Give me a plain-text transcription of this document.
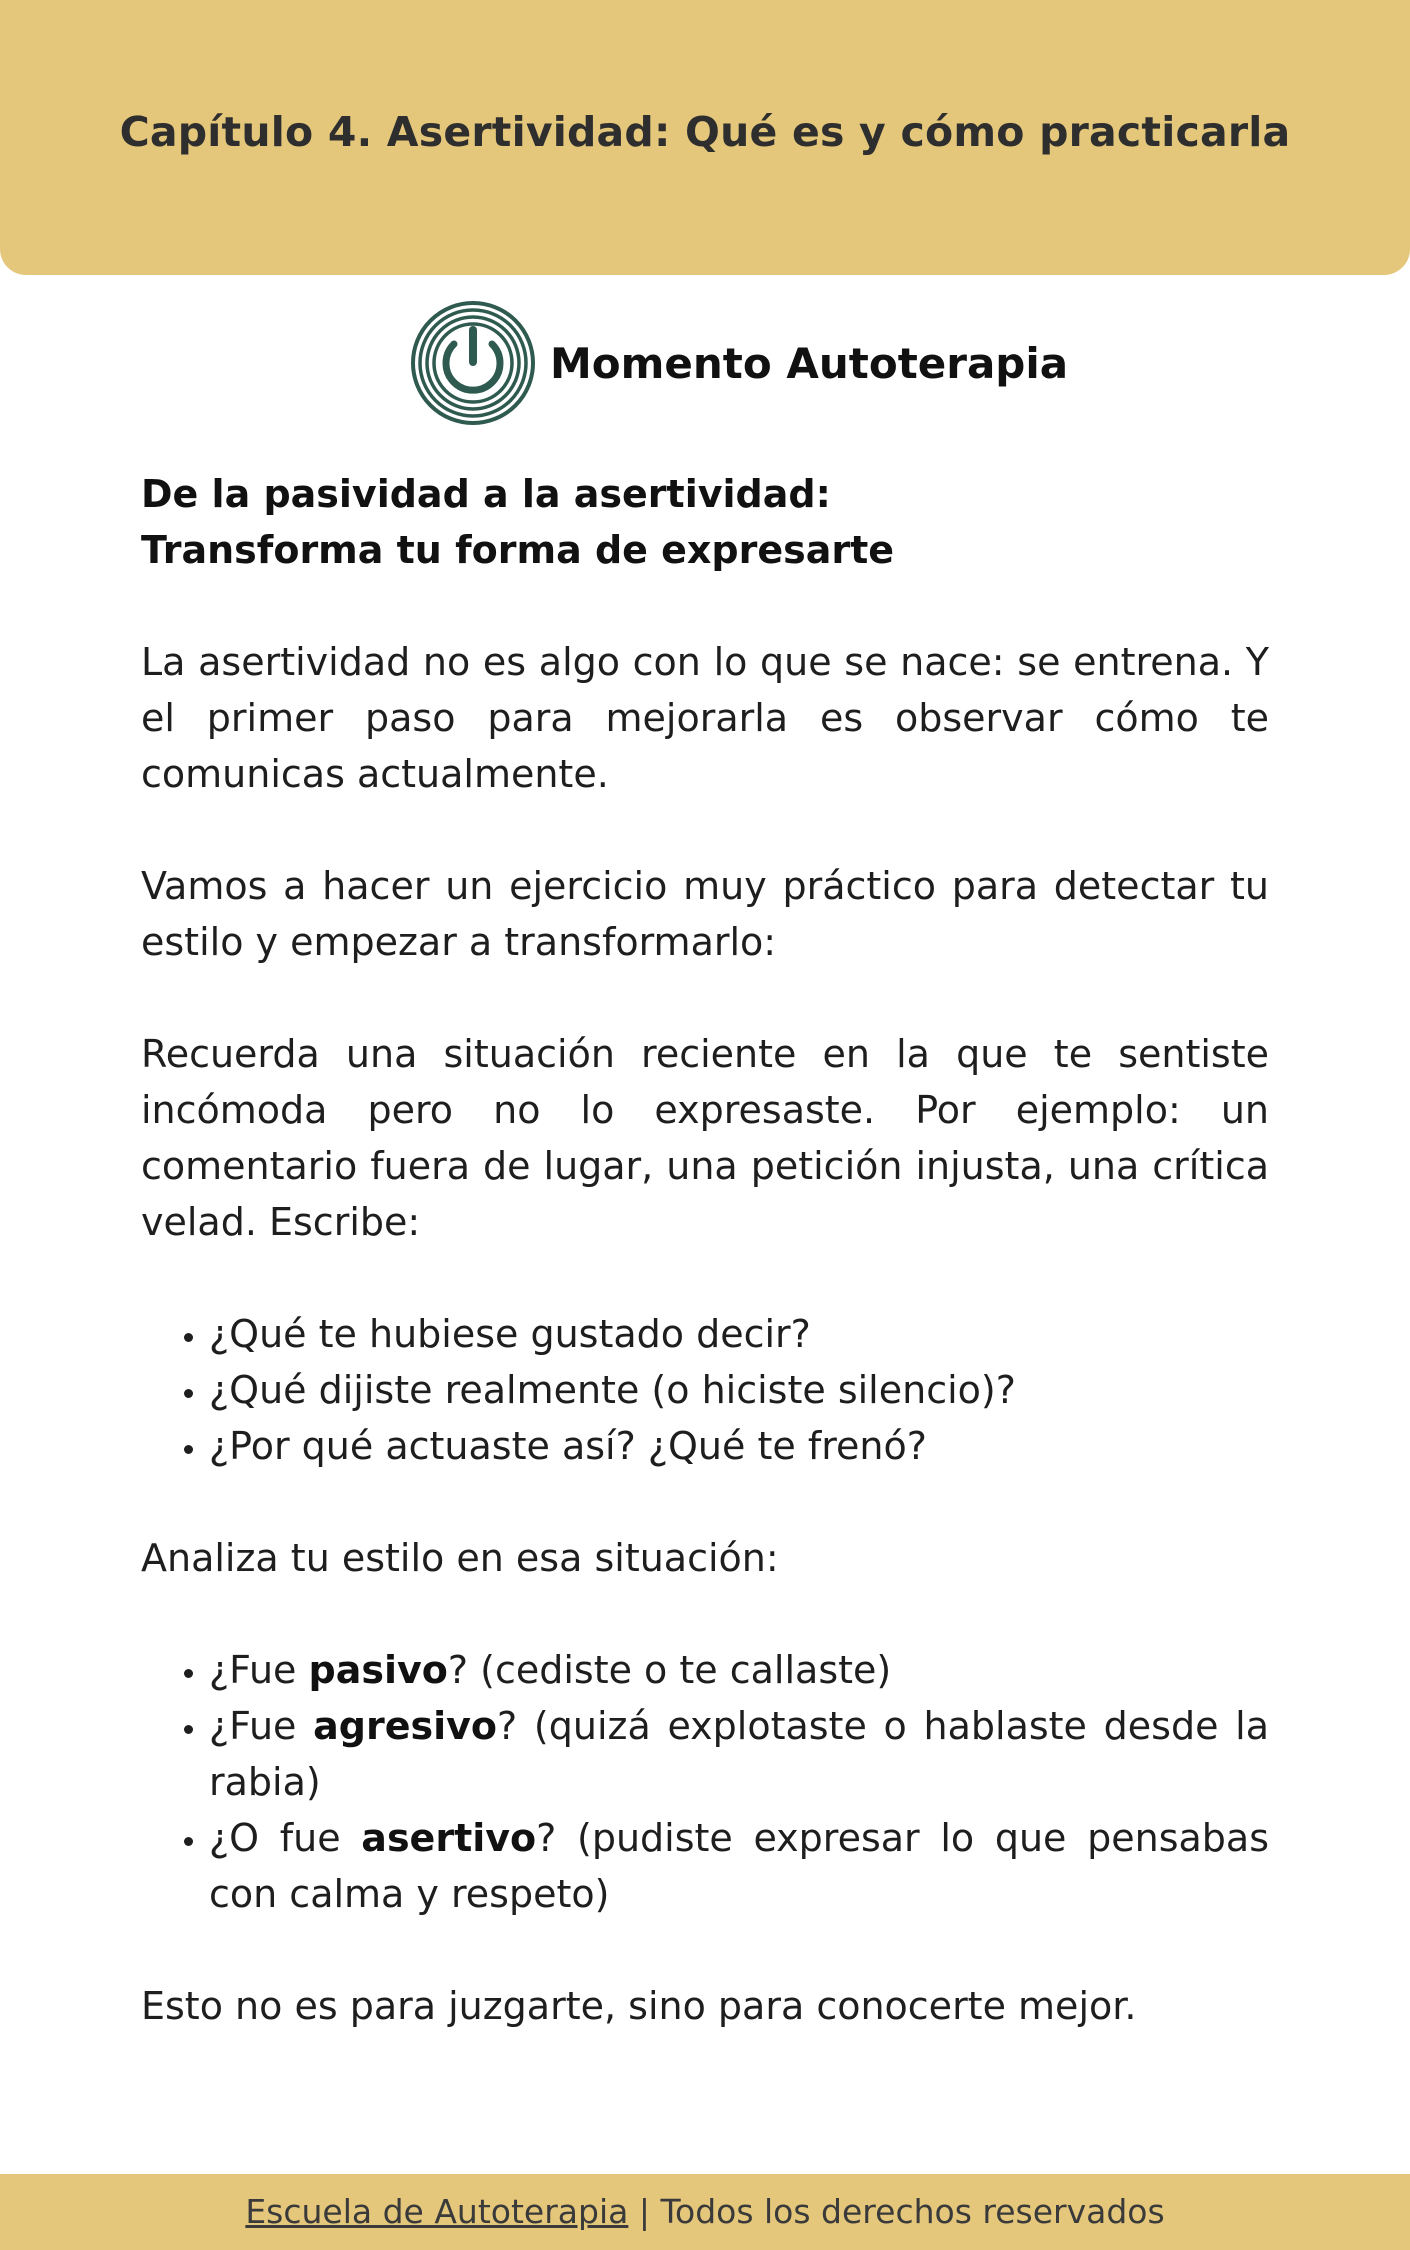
Capítulo 4. Asertividad: Qué es y cómo practicarla
Momento Autoterapia

De la pasividad a la asertividad:

Transforma tu forma de expresarte

La asertividad no es algo con lo que se nace: se entrena. Y el primer paso para mejorarla es observar cómo te comunicas actualmente.

Vamos a hacer un ejercicio muy práctico para detectar tu estilo y empezar a transformarlo:

Recuerda una situación reciente en la que te sentiste incómoda pero no lo expresaste. Por ejemplo: un comentario fuera de lugar, una petición injusta, una crítica velad. Escribe:

• ¿Qué te hubiese gustado decir?
• ¿Qué dijiste realmente (o hiciste silencio)?
• ¿Por qué actuaste así? ¿Qué te frenó?

Analiza tu estilo en esa situación:

• ¿Fue pasivo? (cediste o te callaste)
• ¿Fue agresivo? (quizá explotaste o hablaste desde la rabia)
• ¿O fue asertivo? (pudiste expresar lo que pensabas con calma y respeto)

Esto no es para juzgarte, sino para conocerte mejor.

Escuela de Autoterapia | Todos los derechos reservados
